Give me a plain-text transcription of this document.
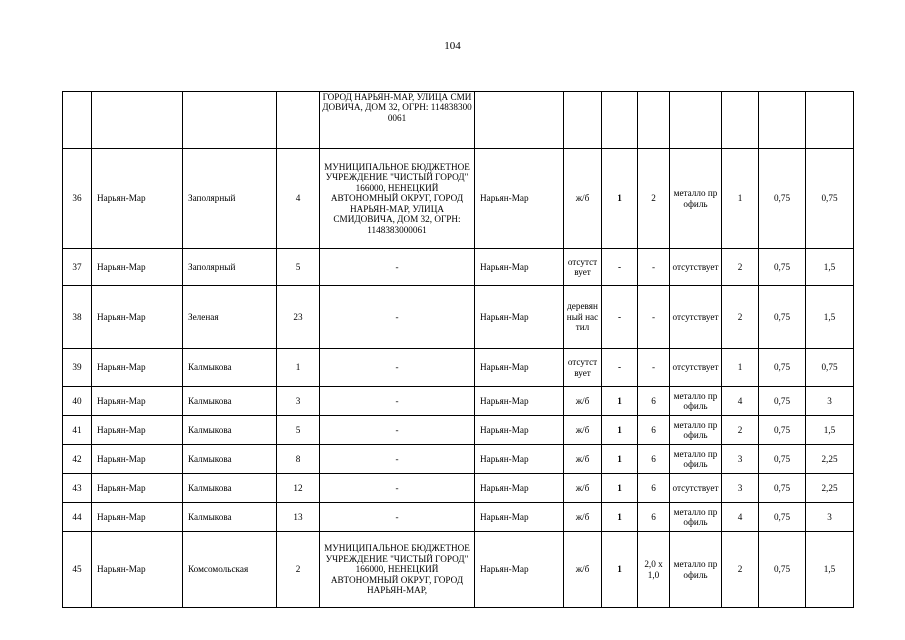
104
				ГОРОД НАРЬЯН-МАР, УЛИЦА СМИДОВИЧА, ДОМ 32, ОГРН: 1148383000061								
36	Нарьян-Мар	Заполярный	4	МУНИЦИПАЛЬНОЕ БЮДЖЕТНОЕ УЧРЕЖДЕНИЕ "ЧИСТЫЙ ГОРОД" 166000, НЕНЕЦКИЙ АВТОНОМНЫЙ ОКРУГ, ГОРОД НАРЬЯН-МАР, УЛИЦА СМИДОВИЧА, ДОМ 32, ОГРН: 1148383000061	Нарьян-Мар	ж/б	1	2	металло профиль	1	0,75	0,75
37	Нарьян-Мар	Заполярный	5	-	Нарьян-Мар	отсутствует	-	-	отсутствует	2	0,75	1,5
38	Нарьян-Мар	Зеленая	23	-	Нарьян-Мар	деревянный настил	-	-	отсутствует	2	0,75	1,5
39	Нарьян-Мар	Калмыкова	1	-	Нарьян-Мар	отсутствует	-	-	отсутствует	1	0,75	0,75
40	Нарьян-Мар	Калмыкова	3	-	Нарьян-Мар	ж/б	1	6	металло профиль	4	0,75	3
41	Нарьян-Мар	Калмыкова	5	-	Нарьян-Мар	ж/б	1	6	металло профиль	2	0,75	1,5
42	Нарьян-Мар	Калмыкова	8	-	Нарьян-Мар	ж/б	1	6	металло профиль	3	0,75	2,25
43	Нарьян-Мар	Калмыкова	12	-	Нарьян-Мар	ж/б	1	6	отсутствует	3	0,75	2,25
44	Нарьян-Мар	Калмыкова	13	-	Нарьян-Мар	ж/б	1	6	металло профиль	4	0,75	3
45	Нарьян-Мар	Комсомольская	2	МУНИЦИПАЛЬНОЕ БЮДЖЕТНОЕ УЧРЕЖДЕНИЕ "ЧИСТЫЙ ГОРОД" 166000, НЕНЕЦКИЙ АВТОНОМНЫЙ ОКРУГ, ГОРОД НАРЬЯН-МАР,	Нарьян-Мар	ж/б	1	2,0 х 1,0	металло профиль	2	0,75	1,5
